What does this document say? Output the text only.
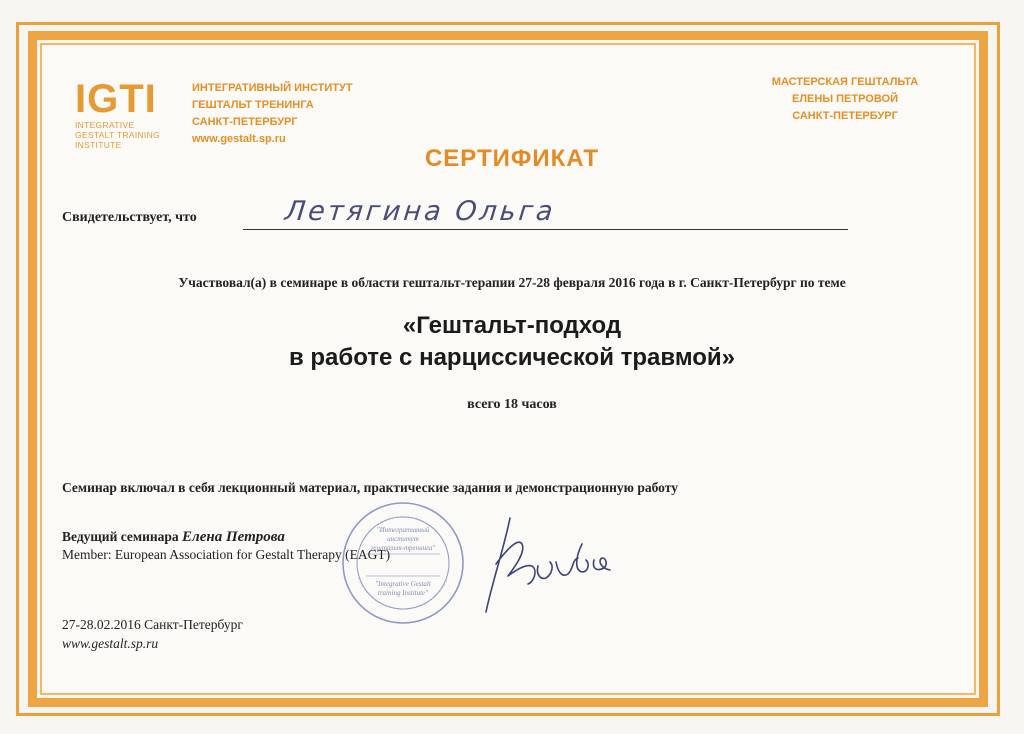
IGTI
INTEGRATIVE
GESTALT TRAINING
INSTITUTE
ИНТЕГРАТИВНЫЙ ИНСТИТУТ
ГЕШТАЛЬТ ТРЕНИНГА
САНКТ-ПЕТЕРБУРГ
www.gestalt.sp.ru
МАСТЕРСКАЯ ГЕШТАЛЬТА
ЕЛЕНЫ ПЕТРОВОЙ
САНКТ-ПЕТЕРБУРГ
СЕРТИФИКАТ
Свидетельствует, что	Летягина Ольга
Участвовал(а) в семинаре в области гештальт-терапии 27-28 февраля 2016 года в г. Санкт-Петербург по теме
«Гештальт-подход
в работе с нарциссической травмой»
всего 18 часов
Семинар включал в себя лекционный материал, практические задания и демонстрационную работу
Ведущий семинара Елена Петрова
Member: European Association for Gestalt Therapy (EAGT)
27-28.02.2016 Санкт-Петербург
www.gestalt.sp.ru
"Интегративный
институт
гештальт-тренинга"
"Integrative Gestalt
training Institute"
